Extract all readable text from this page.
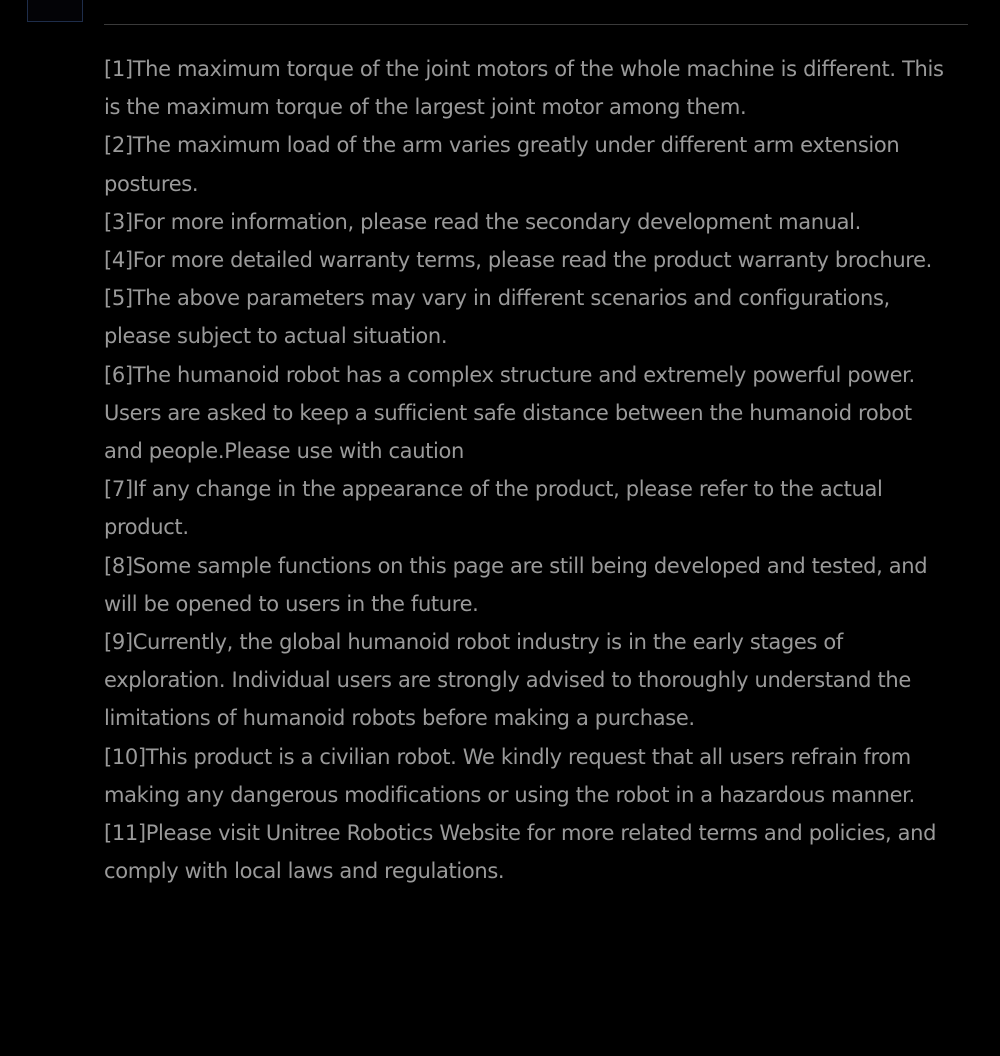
[1]The maximum torque of the joint motors of the whole machine is different. This is the maximum torque of the largest joint motor among them.
[2]The maximum load of the arm varies greatly under different arm extension postures.
[3]For more information, please read the secondary development manual.
[4]For more detailed warranty terms, please read the product warranty brochure.
[5]The above parameters may vary in different scenarios and configurations, please subject to actual situation.
[6]The humanoid robot has a complex structure and extremely powerful power. Users are asked to keep a sufficient safe distance between the humanoid robot and people.Please use with caution
[7]If any change in the appearance of the product, please refer to the actual product.
[8]Some sample functions on this page are still being developed and tested, and will be opened to users in the future.
[9]Currently, the global humanoid robot industry is in the early stages of exploration. Individual users are strongly advised to thoroughly understand the limitations of humanoid robots before making a purchase.
[10]This product is a civilian robot. We kindly request that all users refrain from making any dangerous modifications or using the robot in a hazardous manner.
[11]Please visit Unitree Robotics Website for more related terms and policies, and comply with local laws and regulations.
